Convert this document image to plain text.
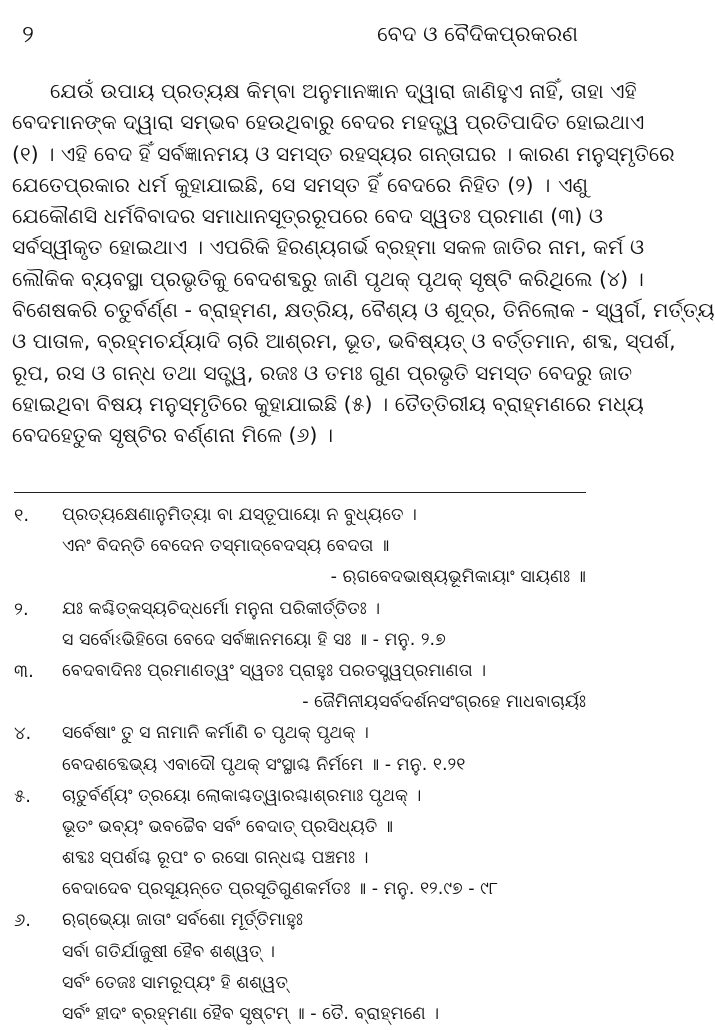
୨	ବେଦ ଓ ବୈଦିକପ୍ରକରଣ
ଯେଉଁ ଉପାୟ ପ୍ରତ୍ୟକ୍ଷ କିମ୍ବା ଅନୁମାନଜ୍ଞାନ ଦ୍ୱାରା ଜାଣିହୁଏ ନାହିଁ, ତାହା ଏହି
ବେଦମାନଙ୍କ ଦ୍ୱାରା ସମ୍ଭବ ହେଉଥିବାରୁ ବେଦର ମହତ୍ତ୍ୱ ପ୍ରତିପାଦିତ ହୋଇଥାଏ
(୧) । ଏହି ବେଦ ହିଁ ସର୍ବଜ୍ଞାନମୟ ଓ ସମସ୍ତ ରହସ୍ୟର ଗନ୍ତାଘର । କାରଣ ମନୁସ୍ମୃତିରେ
ଯେତେପ୍ରକାର ଧର୍ମ କୁହାଯାଇଛି, ସେ ସମସ୍ତ ହିଁ ବେଦରେ ନିହିତ (୨) । ଏଣୁ
ଯେକୌଣସି ଧର୍ମବିବାଦର ସମାଧାନସୂତ୍ରରୂପରେ ବେଦ ସ୍ୱତଃ ପ୍ରମାଣ (୩) ଓ
ସର୍ବସ୍ୱୀକୃତ ହୋଇଥାଏ । ଏପରିକି ହିରଣ୍ୟଗର୍ଭ ବ୍ରହ୍ମା ସକଳ ଜାତିର ନାମ, କର୍ମ ଓ
ଲୌକିକ ବ୍ୟବସ୍ଥା ପ୍ରଭୃତିକୁ ବେଦଶବ୍ଦରୁ ଜାଣି ପୃଥକ୍ ପୃଥକ୍ ସୃଷ୍ଟି କରିଥିଲେ (୪) ।
ବିଶେଷକରି ଚତୁର୍ବର୍ଣ୍ଣ - ବ୍ରାହ୍ମଣ, କ୍ଷତ୍ରିୟ, ବୈଶ୍ୟ ଓ ଶୂଦ୍ର, ତିନିଲୋକ - ସ୍ୱର୍ଗ, ମର୍ତ୍ତ୍ୟ
ଓ ପାତାଳ, ବ୍ରହ୍ମଚର୍ଯ୍ୟାଦି ଚାରି ଆଶ୍ରମ, ଭୂତ, ଭବିଷ୍ୟତ୍ ଓ ବର୍ତ୍ତମାନ, ଶବ୍ଦ, ସ୍ପର୍ଶ,
ରୂପ, ରସ ଓ ଗନ୍ଧ ତଥା ସତ୍ତ୍ୱ, ରଜଃ ଓ ତମଃ ଗୁଣ ପ୍ରଭୃତି ସମସ୍ତ ବେଦରୁ ଜାତ
ହୋଇଥିବା ବିଷୟ ମନୁସ୍ମୃତିରେ କୁହାଯାଇଛି (୫) । ତୈତ୍ତିରୀୟ ବ୍ରାହ୍ମଣରେ ମଧ୍ୟ
ବେଦହେତୁକ ସୃଷ୍ଟିର ବର୍ଣ୍ଣନା ମିଳେ (୬) ।
୧.	ପ୍ରତ୍ୟକ୍ଷେଣାନୁମିତ୍ୟା ବା ଯସ୍ତୂପାୟୋ ନ ବୁଧ୍ୟତେ ।
ଏନଂ ବିଦନ୍ତି ବେଦେନ ତସ୍ମାଦ୍‌ବେଦସ୍ୟ ବେଦତା ॥
- ଋଗବେଦଭାଷ୍ୟଭୂମିକାୟାଂ ସାୟଣଃ ॥
୨.	ଯଃ କଶ୍ଚିତ୍‌କସ୍ୟଚିଦ୍ଧର୍ମୋ ମନୁନା ପରିକୀର୍ତ୍ତିତଃ ।
ସ ସର୍ବୋଽଭିହିତୋ ବେଦେ ସର୍ବଜ୍ଞାନମୟୋ ହି ସଃ ॥ - ମନୁ. ୨.୭
୩.	ବେଦବାଦିନଃ ପ୍ରମାଣତ୍ୱଂ ସ୍ୱତଃ ପ୍ରାହୁଃ ପରତସ୍ତ୍ୱପ୍ରମାଣତା ।
- ଜୈମିନୀୟସର୍ବଦର୍ଶନସଂଗ୍ରହେ ମାଧବାଚାର୍ୟଃ
୪.	ସର୍ବେଷାଂ ତୁ ସ ନାମାନି କର୍ମାଣି ଚ ପୃଥକ୍ ପୃଥକ୍ ।
ବେଦଶବ୍ଦେଭ୍ୟ ଏବାଦୌ ପୃଥକ୍ ସଂସ୍ଥାଶ୍ଚ ନିର୍ମମେ ॥ - ମନୁ. ୧.୨୧
୫.	ଚାତୁର୍ବର୍ଣ୍ୟଂ ତ୍ରୟୋ ଲୋକାଶ୍ଚତ୍ୱାରଶ୍ଚାଶ୍ରମାଃ ପୃଥକ୍ ।
ଭୂତଂ ଭବ୍ୟଂ ଭବଚ୍ଚୈବ ସର୍ବଂ ବେଦାତ୍ ପ୍ରସିଧ୍ୟତି ॥
ଶବ୍ଦଃ ସ୍ପର୍ଶଶ୍ଚ ରୂପଂ ଚ ରସୋ ଗନ୍ଧଶ୍ଚ ପଞ୍ଚମଃ ।
ବେଦାଦେବ ପ୍ରସୂୟନ୍ତେ ପ୍ରସୂତିଗୁଣକର୍ମତଃ ॥ - ମନୁ. ୧୨.୯୭ - ୯୮
୬.	ଋଗ୍‌ଭ୍ୟୋ ଜାତାଂ ସର୍ବଶୋ ମୂର୍ତ୍ତିମାହୁଃ
ସର୍ବା ଗତିର୍ଯାଜୁଷୀ ହୈବ ଶଶ୍ୱତ୍ ।
ସର୍ବଂ ତେଜଃ ସାମରୂପ୍ୟଂ ହି ଶଶ୍ୱତ୍
ସର୍ବଂ ହୀଦଂ ବ୍ରହ୍ମଣା ହୈବ ସୃଷ୍ଟମ୍ ॥ - ତୈ. ବ୍ରାହ୍ମଣେ ।
